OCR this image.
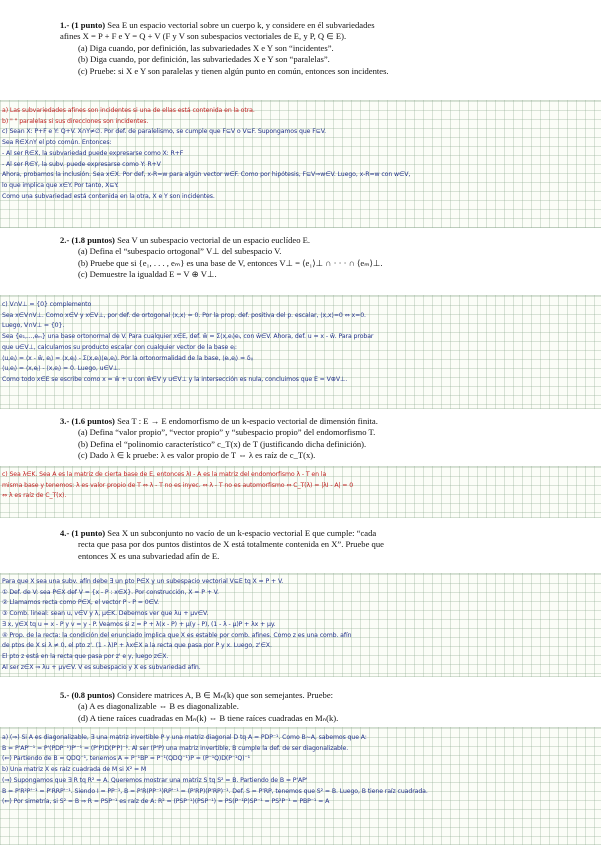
1.- (1 punto) Sea E un espacio vectorial sobre un cuerpo k, y considere en él subvariedades
afines X = P + F e Y = Q + V (F y V son subespacios vectoriales de E, y P, Q ∈ E).
(a) Diga cuando, por definición, las subvariedades X e Y son “incidentes”.
(b) Diga cuando, por definición, las subvariedades X e Y son “paralelas”.
(c) Pruebe: si X e Y son paralelas y tienen algún punto en común, entonces son incidentes.
a) Las subvariedades afines son incidentes si una de ellas está contenida en la otra.
b) " " paralelas si sus direcciones son incidentes.
c) Sean X: P+F e Y: Q+V. X∩Y≠∅. Por def. de paralelismo, se cumple que F⊆V o V⊆F. Supongamos que F⊆V.
Sea R∈X∩Y el pto común. Entonces:
- Al ser R∈X, la subvariedad puede expresarse como X: R+F
- Al ser R∈Y, la subv. puede expresarse como Y: R+V
Ahora, probamos la inclusión. Sea x∈X. Por def, x-R=w para algún vector w∈F. Como por hipótesis, F⊆V⇒w∈V. Luego, x-R=w con w∈V,
lo que implica que x∈Y. Por tanto, X⊆Y.
Como una subvariedad está contenida en la otra, X e Y son incidentes.
2.- (1.8 puntos) Sea V un subespacio vectorial de un espacio euclídeo E.
(a) Defina el “subespacio ortogonal” V⊥ del subespacio V.
(b) Pruebe que si {e₁, . . . , eₘ} es una base de V, entonces V⊥ = ⟨e₁⟩⊥ ∩ · · · ∩ ⟨eₘ⟩⊥.
(c) Demuestre la igualdad E = V ⊕ V⊥.
c) V∩V⊥ = {0} complemento
Sea x∈V∩V⊥. Como x∈V y x∈V⊥, por def. de ortogonal ⟨x,x⟩ = 0. Por la prop. def. positiva del p. escalar, ⟨x,x⟩=0 ⇔ x=0.
Luego, V∩V⊥ = {0}.
Sea {e₁,...,eₘ} una base ortonormal de V. Para cualquier x∈E, def. ŵ = Σ⟨x,eᵢ⟩eᵢ, con ŵ∈V. Ahora, def. u = x - ŵ. Para probar
que u∈V⊥, calculamos su producto escalar con cualquier vector de la base eⱼ:
⟨u,eⱼ⟩ = ⟨x - ŵ, eⱼ⟩ = ⟨x,eⱼ⟩ - Σ⟨x,eᵢ⟩⟨eᵢ,eⱼ⟩. Por la ortonormalidad de la base, ⟨eᵢ,eⱼ⟩ = δᵢⱼ
⟨u,eⱼ⟩ = ⟨x,eⱼ⟩ - ⟨x,eⱼ⟩ = 0. Luego, u∈V⊥.
Como todo x∈E se escribe como x = ŵ + u con ŵ∈V y u∈V⊥ y la intersección es nula, concluimos que E = V⊕V⊥.
3.- (1.6 puntos) Sea T : E → E endomorfismo de un k-espacio vectorial de dimensión finita.
(a) Defina “valor propio”, “vector propio” y “subespacio propio” del endomorfismo T.
(b) Defina el “polinomio característico” c_T(x) de T (justificando dicha definición).
(c) Dado λ ∈ k pruebe: λ es valor propio de T ⇔ λ es raíz de c_T(x).
c) Sea λ∈K. Sea A es la matriz de cierta base de E, entonces λI - A es la matriz del endomorfismo λ - T en la
misma base y tenemos: λ es valor propio de T ⇔ λ - T no es inyec. ⇔ λ - T no es automorfismo ⇔ C_T(λ) = |λI - A| = 0
⇔ λ es raíz de C_T(x).
4.- (1 punto) Sea X un subconjunto no vacío de un k-espacio vectorial E que cumple: “cada
recta que pasa por dos puntos distintos de X está totalmente contenida en X”. Pruebe que
entonces X es una subvariedad afín de E.
Para que X sea una subv. afín debe ∃ un pto P∈X y un subespacio vectorial V⊆E tq X = P + V.
① Def. de V: sea P∈X def V = {x - P : x∈X}. Por construcción, X = P + V.
② Llamamos recta como P∈X, el vector P - P = 0∈V.
③ Comb. lineal: sean u, v∈V y λ, μ∈K. Debemos ver que λu + μv∈V.
∃ x, y∈X tq u = x - P y v = y - P. Veamos si z = P + λ(x - P) + μ(y - P), (1 - λ - μ)P + λx + μy.
④ Prop. de la recta: la condición del enunciado implica que X es estable por comb. afines. Como z es una comb. afín
de ptos de X si λ ≠ 0, el pto z'. (1 - λ)P + λx∈X a la recta que pasa por P y x. Luego, z'∈X.
El pto z está en la recta que pasa por z' e y, luego z∈X.
Al ser z∈X ⇒ λu + μv∈V. V es subespacio y X es subvariedad afín.
5.- (0.8 puntos) Considere matrices A, B ∈ Mₙ(k) que son semejantes. Pruebe:
(a) A es diagonalizable ⇔ B es diagonalizable.
(d) A tiene raíces cuadradas en Mₙ(k) ⇔ B tiene raíces cuadradas en Mₙ(k).
a) (⇒) Si A es diagonalizable, ∃ una matriz invertible P y una matriz diagonal D tq A = PDP⁻¹. Como B∼A, sabemos que A:
B = P'AP'⁻¹ = P'(PDP⁻¹)P'⁻¹ = (P'P)D(P'P)⁻¹. Al ser (P'P) una matriz invertible, B cumple la def. de ser diagonalizable.
(⇐) Partiendo de B = QDQ⁻¹, tenemos A = P⁻¹BP = P⁻¹(QDQ⁻¹)P = (P⁻¹Q)D(P⁻¹Q)⁻¹
b) Una matriz X es raíz cuadrada de M si X² = M
(⇒) Supongamos que ∃ R tq R² = A. Queremos mostrar una matriz S tq S² = B. Partiendo de B = P'AP'
B = P'R²P'⁻¹ = P'RRP'⁻¹. Siendo I = PP⁻¹, B = P'R(PP⁻¹)RP'⁻¹ = (P'RP)(P'RP)⁻¹. Def. S = P'RP, tenemos que S² = B. Luego, B tiene raíz cuadrada.
(⇐) Por simetría, si S² = B ⇒ R = PSP⁻¹ es raíz de A: R² = (PSP⁻¹)(PSP⁻¹) = PS(P⁻¹P)SP⁻¹ = PS²P⁻¹ = PBP⁻¹ = A
